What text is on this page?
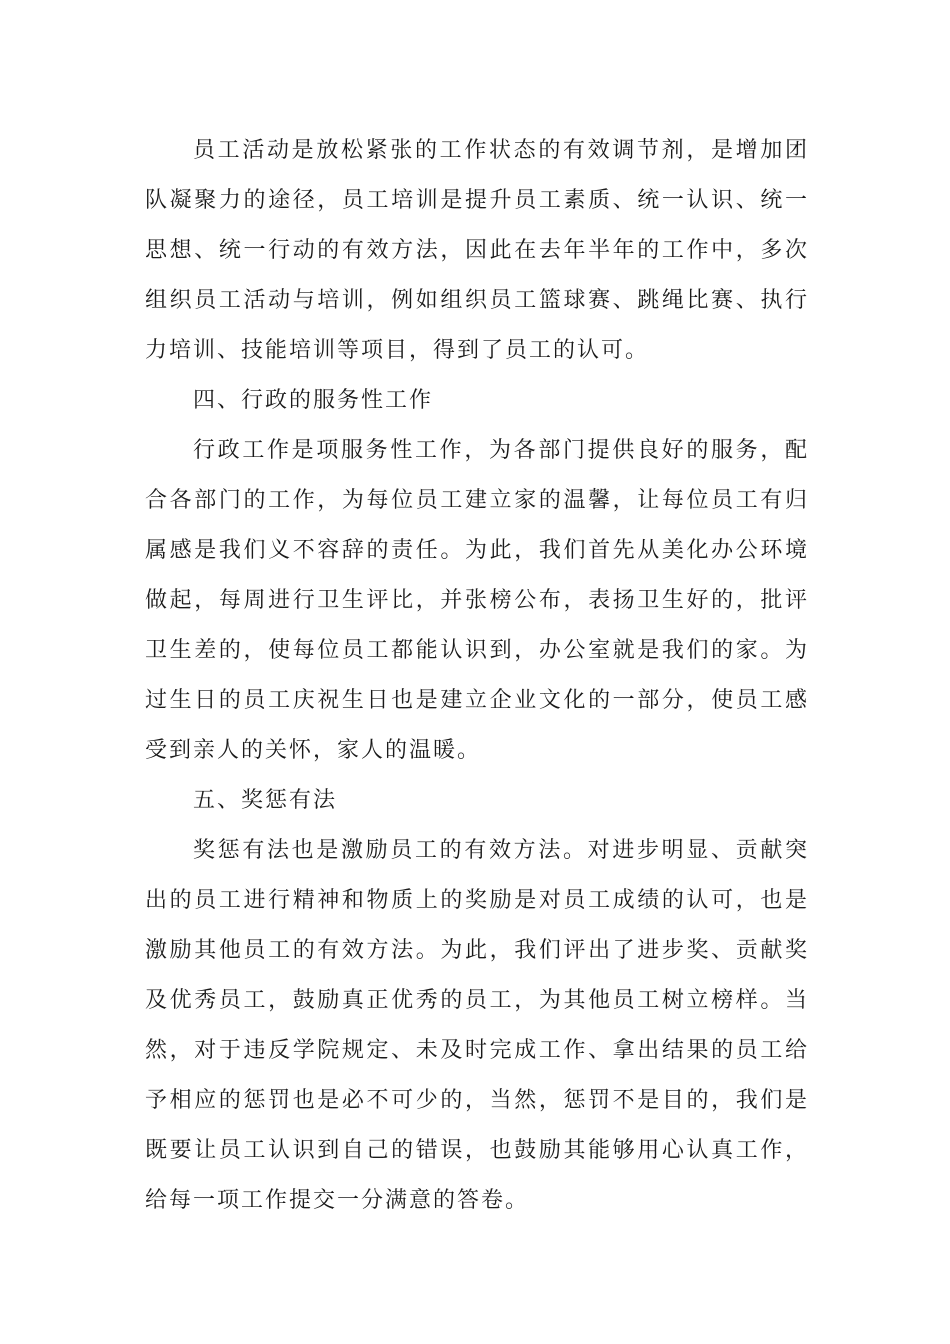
员工活动是放松紧张的工作状态的有效调节剂，是增加团队凝聚力的途径，员工培训是提升员工素质、统一认识、统一思想、统一行动的有效方法，因此在去年半年的工作中，多次组织员工活动与培训，例如组织员工篮球赛、跳绳比赛、执行力培训、技能培训等项目，得到了员工的认可。

四、行政的服务性工作

行政工作是项服务性工作，为各部门提供良好的服务，配合各部门的工作，为每位员工建立家的温馨，让每位员工有归属感是我们义不容辞的责任。为此，我们首先从美化办公环境做起，每周进行卫生评比，并张榜公布，表扬卫生好的，批评卫生差的，使每位员工都能认识到，办公室就是我们的家。为过生日的员工庆祝生日也是建立企业文化的一部分，使员工感受到亲人的关怀，家人的温暖。

五、奖惩有法

奖惩有法也是激励员工的有效方法。对进步明显、贡献突出的员工进行精神和物质上的奖励是对员工成绩的认可，也是激励其他员工的有效方法。为此，我们评出了进步奖、贡献奖及优秀员工，鼓励真正优秀的员工，为其他员工树立榜样。当然，对于违反学院规定、未及时完成工作、拿出结果的员工给予相应的惩罚也是必不可少的，当然，惩罚不是目的，我们是既要让员工认识到自己的错误，也鼓励其能够用心认真工作，给每一项工作提交一分满意的答卷。
